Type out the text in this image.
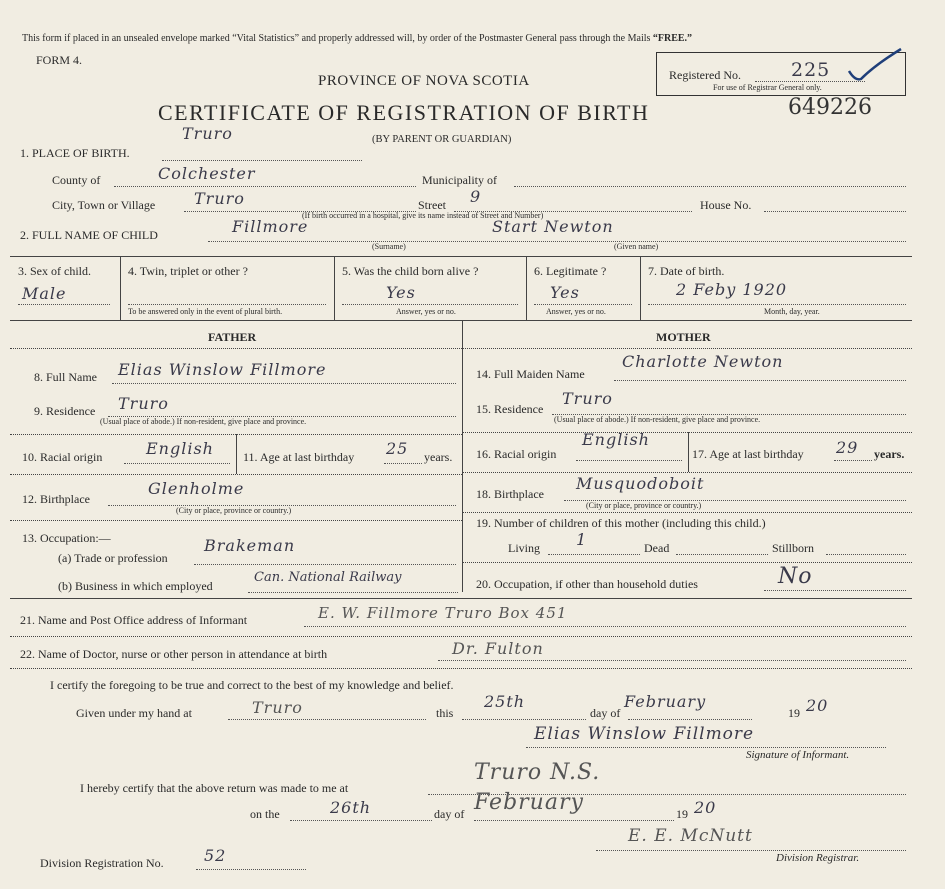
This form if placed in an unsealed envelope marked “Vital Statistics” and properly addressed will, by order of the Postmaster General pass through the Mails “FREE.”
FORM 4.
PROVINCE OF NOVA SCOTIA
CERTIFICATE OF REGISTRATION OF BIRTH
(BY PARENT OR GUARDIAN)
Registered No.	225
For use of Registrar General only.
649226
1. PLACE OF BIRTH.
Truro
County of	Colchester	Municipality of
City, Town or Village Truro	Street 9	House No.
(If birth occurred in a hospital, give its name instead of Street and Number)
2. FULL NAME OF CHILD	Fillmore	Start Newton
(Surname)	(Given name)
3. Sex of child.
Male
4. Twin, triplet or other ?
To be answered only in the event of plural birth.
5. Was the child born alive ?
Yes
Answer, yes or no.
6. Legitimate ?
Yes
Answer, yes or no.
7. Date of birth.
2 Feby 1920
Month, day, year.
FATHER
8. Full Name Elias Winslow Fillmore
9. Residence Truro
(Usual place of abode.) If non-resident, give place and province.
10. Racial origin	English 11. Age at last birthday 25 years.
12. Birthplace
Glenholme
(City or place, province or country.)
13. Occupation:—
(a) Trade or profession
Brakeman
(b) Business in which employed
Can. National Railway
MOTHER
14. Full Maiden Name
Charlotte Newton
15. Residence
Truro
(Usual place of abode.) If non-resident, give place and province.
16. Racial origin
English
17. Age at last birthday 29 years.
18. Birthplace
Musquodoboit
(City or place, province or country.)
19. Number of children of this mother (including this child.)
Living 1	Dead	Stillborn
20. Occupation, if other than household duties	No
21. Name and Post Office address of Informant	E. W. Fillmore Truro Box 451
22. Name of Doctor, nurse or other person in attendance at birth	Dr. Fulton
I certify the foregoing to be true and correct to the best of my knowledge and belief.
Given under my hand at	Truro	this
25th
day of
February
19 20
Elias Winslow Fillmore
Signature of Informant.
I hereby certify that the above return was made to me at
Truro N.S.
on the	26th	day of February	19 20
E. E. McNutt
Division Registrar.
Division Registration No.	52
